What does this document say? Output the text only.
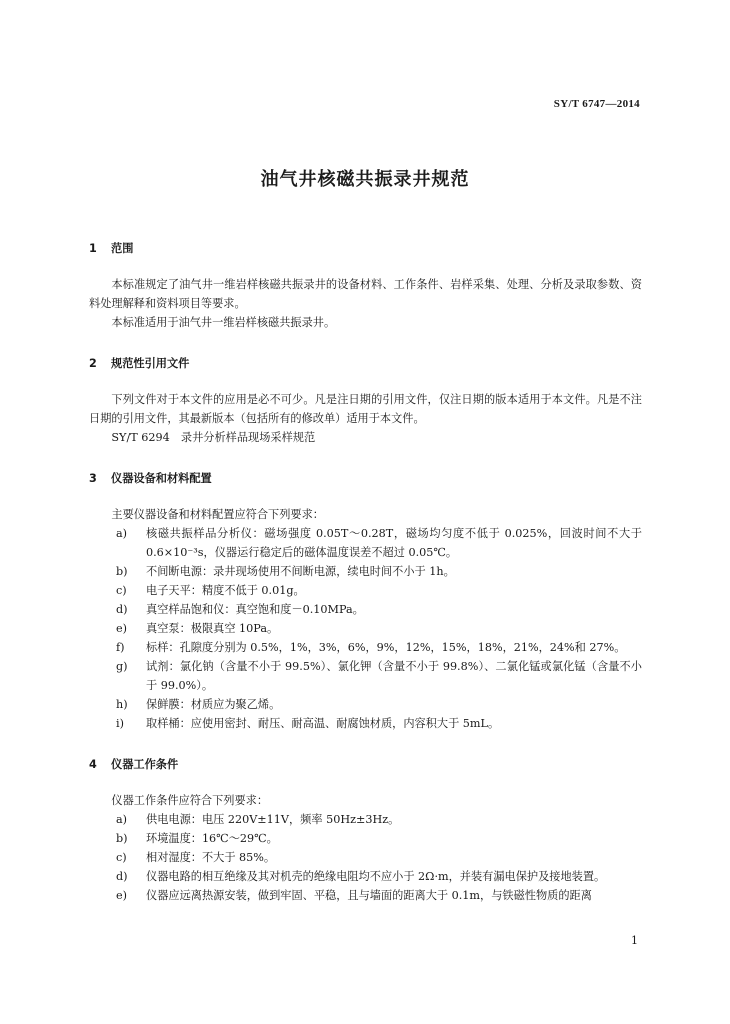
SY/T 6747—2014
油气井核磁共振录井规范
1	范围

本标准规定了油气井一维岩样核磁共振录井的设备材料、工作条件、岩样采集、处理、分析及录取参数、资料处理解释和资料项目等要求。

本标准适用于油气井一维岩样核磁共振录井。

2	规范性引用文件

下列文件对于本文件的应用是必不可少。凡是注日期的引用文件，仅注日期的版本适用于本文件。凡是不注日期的引用文件，其最新版本（包括所有的修改单）适用于本文件。

SY/T 6294　录井分析样品现场采样规范

3	仪器设备和材料配置

主要仪器设备和材料配置应符合下列要求：

a)	核磁共振样品分析仪：磁场强度 0.05T～0.28T，磁场均匀度不低于 0.025%，回波时间不大于 0.6×10⁻³s，仪器运行稳定后的磁体温度误差不超过 0.05℃。
b)	不间断电源：录井现场使用不间断电源，续电时间不小于 1h。
c)	电子天平：精度不低于 0.01g。
d)	真空样品饱和仪：真空饱和度－0.10MPa。
e)	真空泵：极限真空 10Pa。
f)	标样：孔隙度分别为 0.5%，1%，3%，6%，9%，12%，15%，18%，21%，24%和 27%。
g)	试剂：氯化钠（含量不小于 99.5%）、氯化钾（含量不小于 99.8%）、二氯化锰或氯化锰（含量不小于 99.0%）。
h)	保鲜膜：材质应为聚乙烯。
i)	取样桶：应使用密封、耐压、耐高温、耐腐蚀材质，内容积大于 5mL。
4	仪器工作条件

仪器工作条件应符合下列要求：

a)	供电电源：电压 220V±11V，频率 50Hz±3Hz。
b)	环境温度：16℃～29℃。
c)	相对湿度：不大于 85%。
d)	仪器电路的相互绝缘及其对机壳的绝缘电阻均不应小于 2Ω·m，并装有漏电保护及接地装置。
e)	仪器应远离热源安装，做到牢固、平稳，且与墙面的距离大于 0.1m，与铁磁性物质的距离
1
